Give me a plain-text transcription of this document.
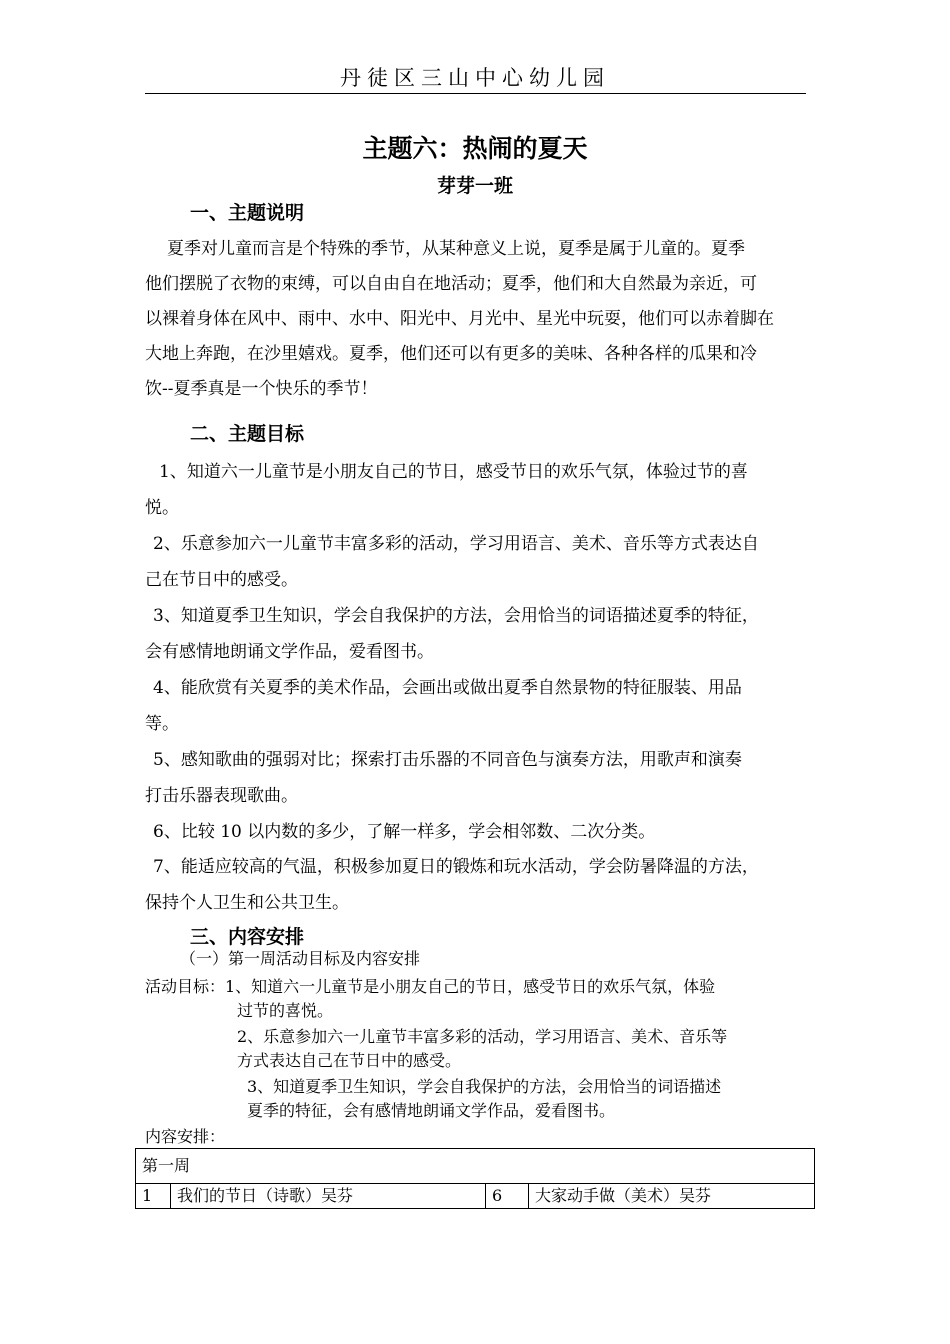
丹徒区三山中心幼儿园
主题六：热闹的夏天
芽芽一班
一、主题说明

夏季对儿童而言是个特殊的季节，从某种意义上说，夏季是属于儿童的。夏季

他们摆脱了衣物的束缚，可以自由自在地活动；夏季，他们和大自然最为亲近，可

以裸着身体在风中、雨中、水中、阳光中、月光中、星光中玩耍，他们可以赤着脚在

大地上奔跑，在沙里嬉戏。夏季，他们还可以有更多的美味、各种各样的瓜果和冷

饮--夏季真是一个快乐的季节！

二、主题目标
1、知道六一儿童节是小朋友自己的节日，感受节日的欢乐气氛，体验过节的喜
悦。
2、乐意参加六一儿童节丰富多彩的活动，学习用语言、美术、音乐等方式表达自
己在节日中的感受。
3、知道夏季卫生知识，学会自我保护的方法，会用恰当的词语描述夏季的特征，
会有感情地朗诵文学作品，爱看图书。
4、能欣赏有关夏季的美术作品，会画出或做出夏季自然景物的特征服装、用品
等。
5、感知歌曲的强弱对比；探索打击乐器的不同音色与演奏方法，用歌声和演奏
打击乐器表现歌曲。
6、比较 10 以内数的多少，了解一样多，学会相邻数、二次分类。
7、能适应较高的气温，积极参加夏日的锻炼和玩水活动，学会防暑降温的方法，
保持个人卫生和公共卫生。
三、内容安排
（一）第一周活动目标及内容安排
活动目标： 1、知道六一儿童节是小朋友自己的节日，感受节日的欢乐气氛，体验
过节的喜悦。
2、乐意参加六一儿童节丰富多彩的活动，学习用语言、美术、音乐等
方式表达自己在节日中的感受。
3、知道夏季卫生知识，学会自我保护的方法，会用恰当的词语描述
夏季的特征，会有感情地朗诵文学作品，爱看图书。
内容安排：
第一周
1	我们的节日（诗歌）吴芬	6	大家动手做（美术）吴芬
